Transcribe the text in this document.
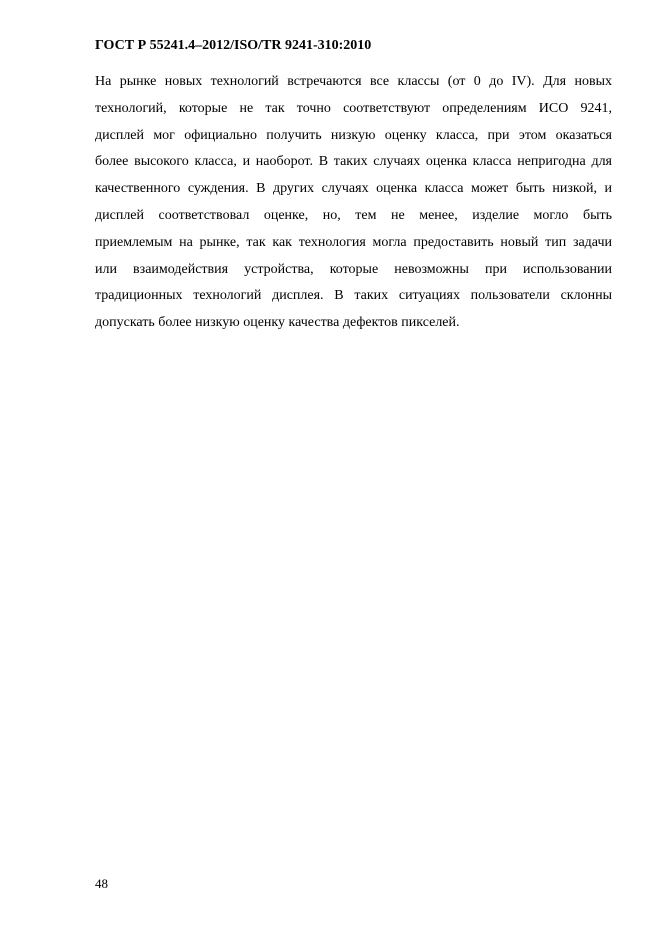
ГОСТ Р 55241.4–2012/ISO/TR 9241-310:2010
На рынке новых технологий встречаются все классы (от 0 до IV). Для новых
технологий, которые не так точно соответствуют определениям ИСО 9241,
дисплей мог официально получить низкую оценку класса, при этом оказаться
более высокого класса, и наоборот. В таких случаях оценка класса непригодна для
качественного суждения. В других случаях оценка класса может быть низкой, и
дисплей соответствовал оценке, но, тем не менее, изделие могло быть
приемлемым на рынке, так как технология могла предоставить новый тип задачи
или взаимодействия устройства, которые невозможны при использовании
традиционных технологий дисплея. В таких ситуациях пользователи склонны
допускать более низкую оценку качества дефектов пикселей.
48
